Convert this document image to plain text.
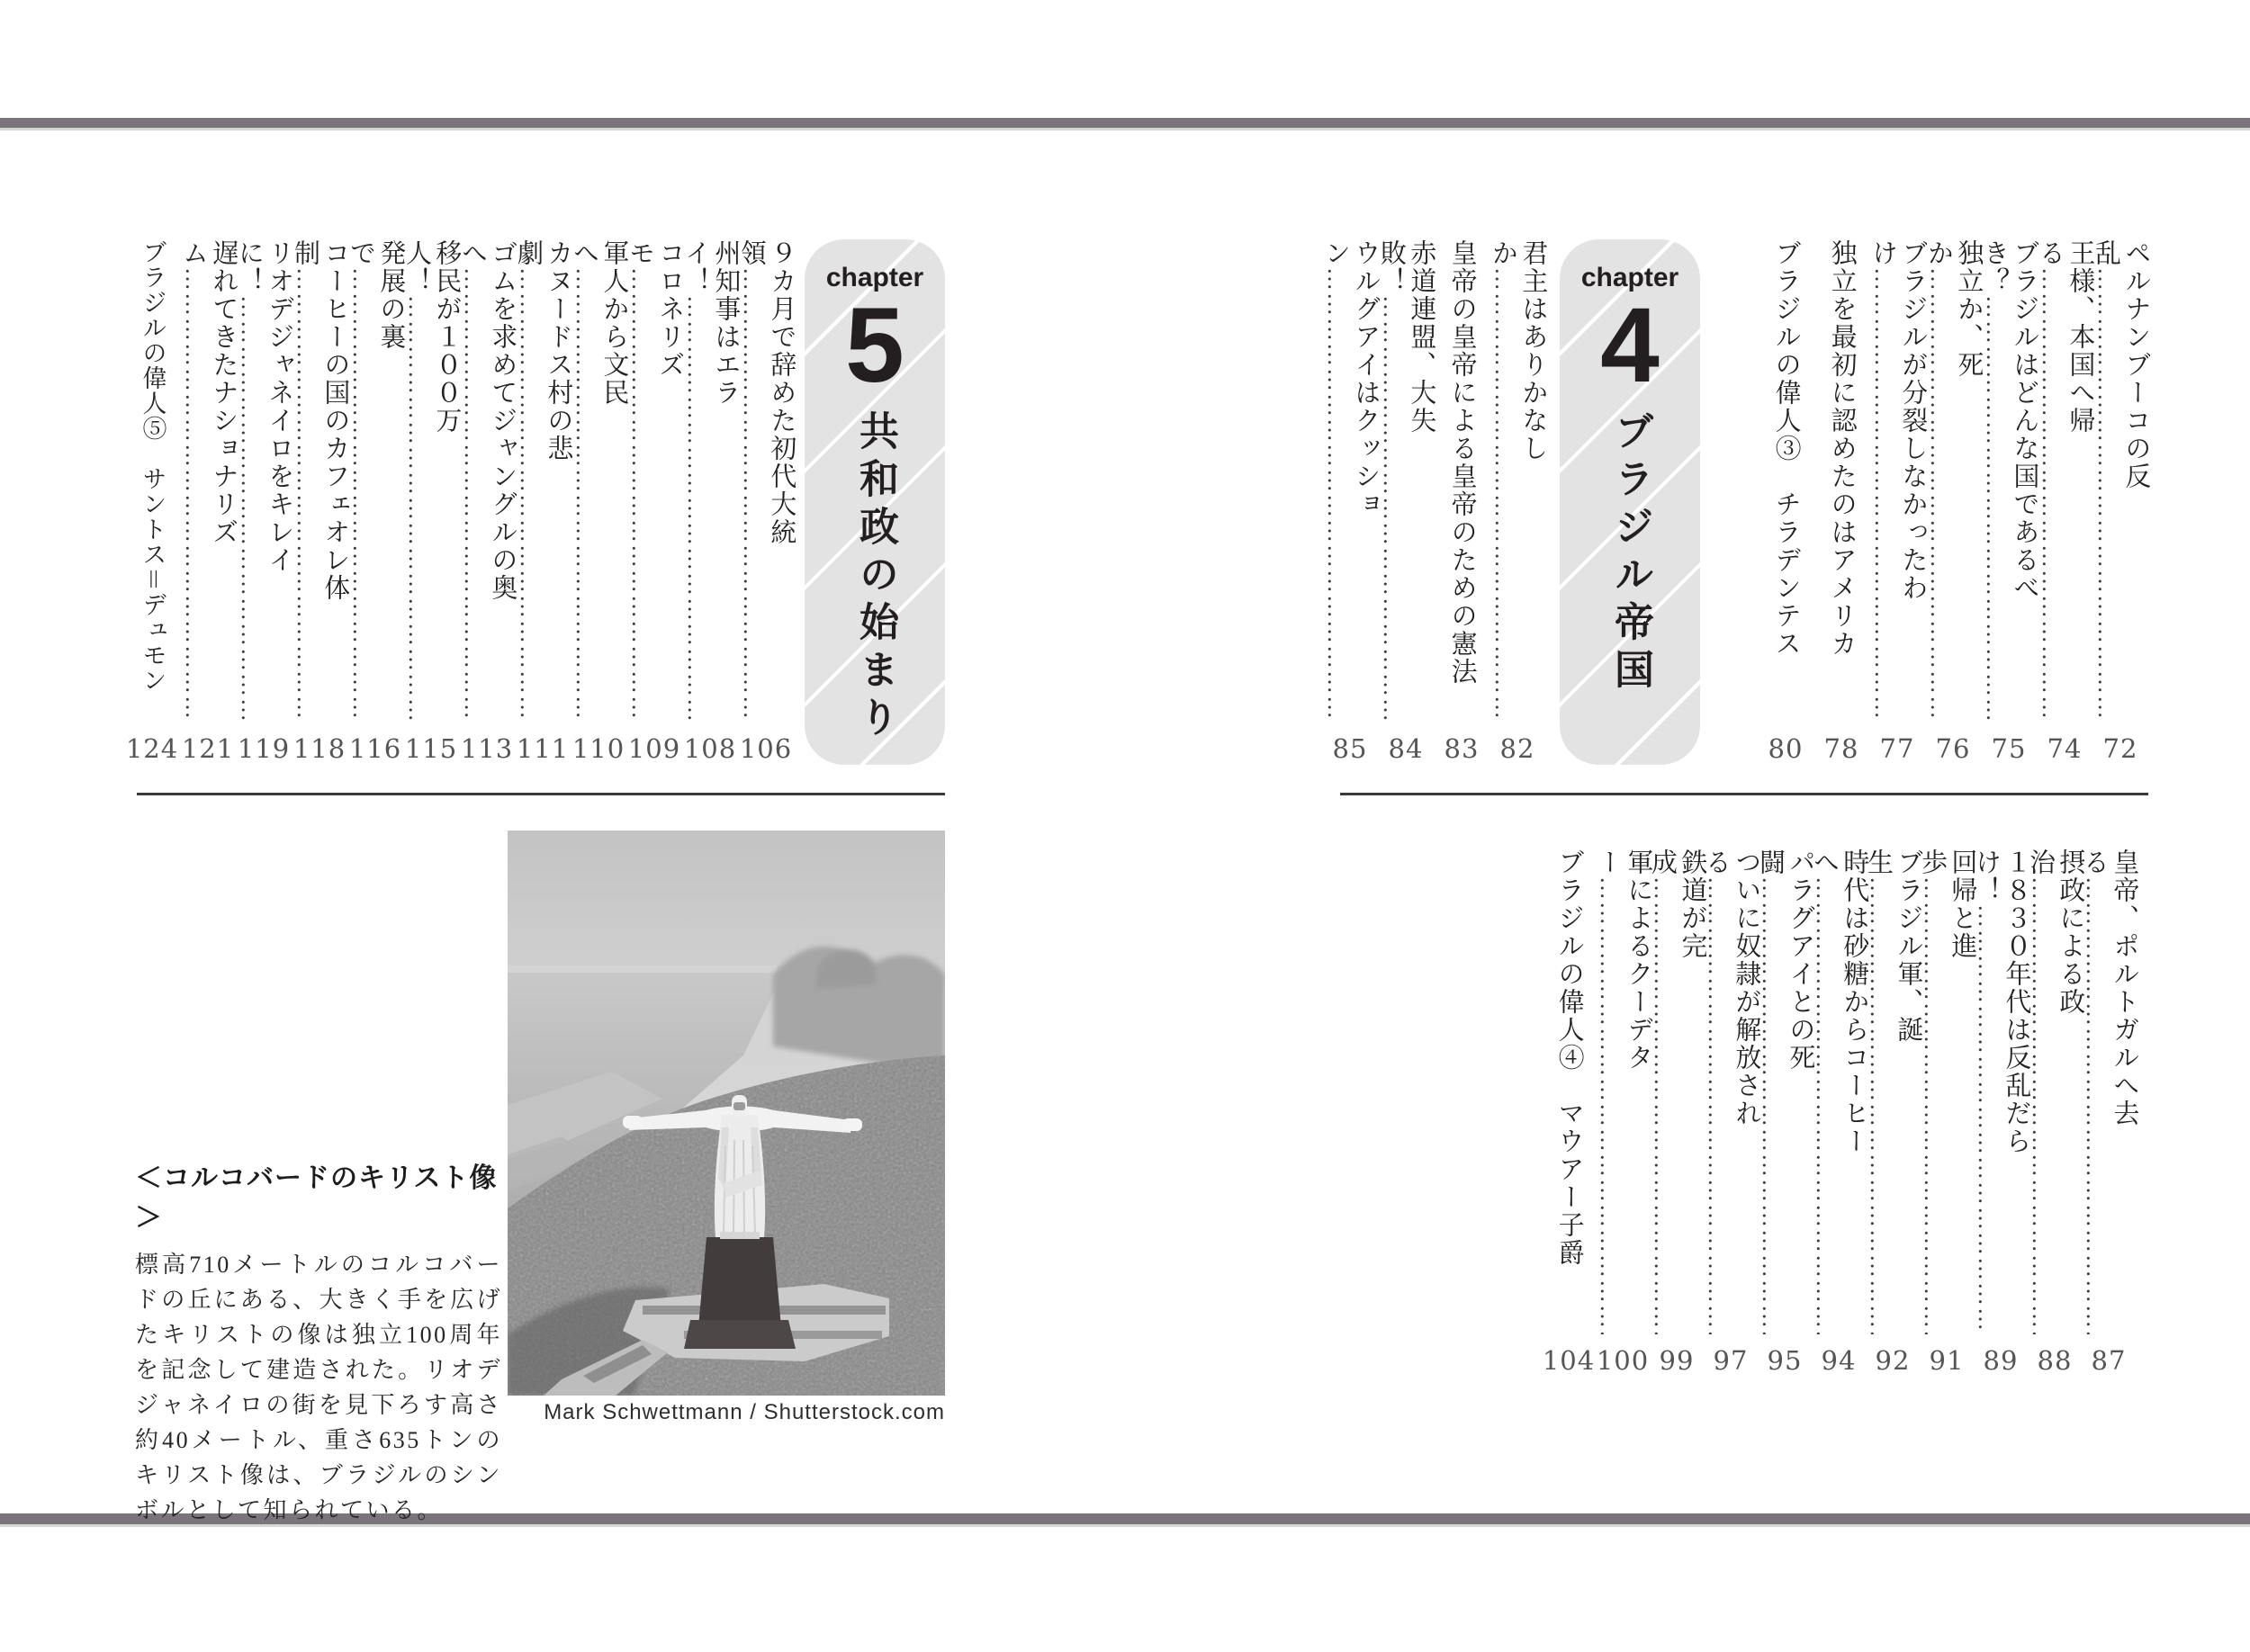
chapter
5
共和政の始まり
９カ月で辞めた初代大統領………………………………………………………………………………
106
州知事はエライ！………………………………………………………………………………
108
コロネリズモ………………………………………………………………………………
109
軍人から文民へ………………………………………………………………………………
110
カヌードス村の悲劇………………………………………………………………………………
111
ゴムを求めてジャングルの奥へ………………………………………………………………………………
113
移民が１００万人！………………………………………………………………………………
115
発展の裏で………………………………………………………………………………
116
コーヒーの国のカフェオレ体制………………………………………………………………………………
118
リオデジャネイロをキレイに！………………………………………………………………………………
119
遅れてきたナショナリズム………………………………………………………………………………
121
ブラジルの偉人⑤　サントス＝デュモン
124
ペルナンブーコの反乱………………………………………………………………………………
72
王様、本国へ帰る………………………………………………………………………………
74
ブラジルはどんな国であるべき？………………………………………………………………………………
75
独立か、死か………………………………………………………………………………
76
ブラジルが分裂しなかったわけ………………………………………………………………………………
77
独立を最初に認めたのはアメリカ
78
ブラジルの偉人③　チラデンテス
80
chapter
4
ブラジル帝国
君主はありかなしか………………………………………………………………………………
82
皇帝の皇帝による皇帝のための憲法
83
赤道連盟、大失敗！………………………………………………………………………………
84
ウルグアイはクッション………………………………………………………………………………
85
皇帝、ポルトガルへ去る………………………………………………………………………………
87
摂政による政治………………………………………………………………………………
88
１８３０年代は反乱だらけ！………………………………………………………………………………
89
回帰と進歩………………………………………………………………………………
91
ブラジル軍、誕生………………………………………………………………………………
92
時代は砂糖からコーヒーへ………………………………………………………………………………
94
パラグアイとの死闘………………………………………………………………………………
95
ついに奴隷が解放される………………………………………………………………………………
97
鉄道が完成………………………………………………………………………………
99
軍によるクーデター………………………………………………………………………………
100
ブラジルの偉人④　マウアー子爵
104
＜コルコバードのキリスト像＞
標高710メートルのコルコバードの丘にある、大きく手を広げたキリストの像は独立100周年を記念して建造された。リオデジャネイロの街を見下ろす高さ約40メートル、重さ635トンのキリスト像は、ブラジルのシンボルとして知られている。
Mark Schwettmann / Shutterstock.com
